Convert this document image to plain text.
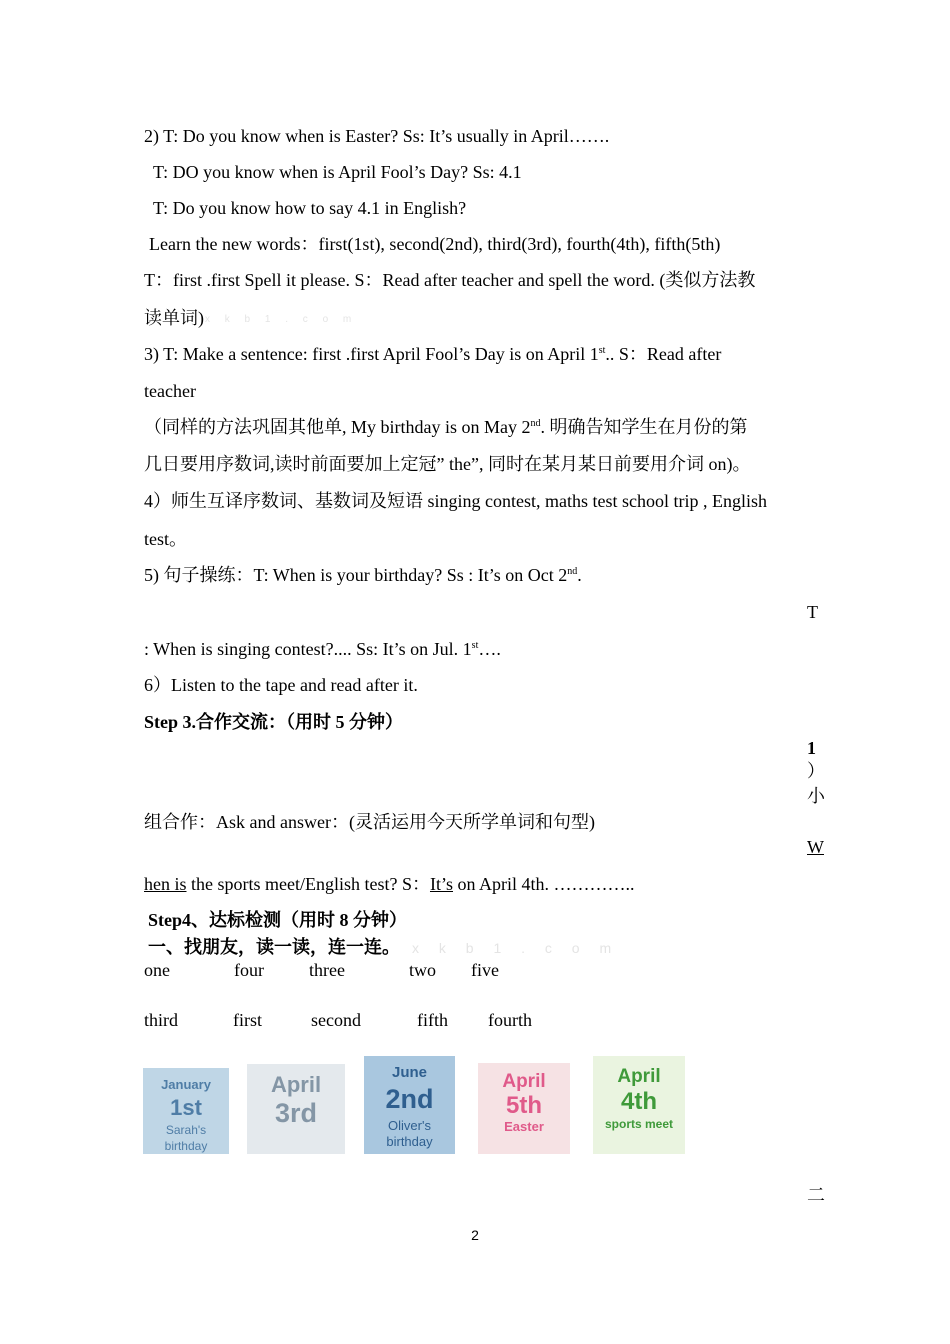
x k b 1 . c o m
x k b 1 . c o m
2) T: Do you know when is Easter? Ss: It’s usually in April…….
T: DO you know when is April Fool’s Day? Ss: 4.1
T: Do you know how to say 4.1 in English?
Learn the new words：first(1st), second(2nd), third(3rd), fourth(4th), fifth(5th)
T：first .first Spell it please. S：Read after teacher and spell the word. (类似方法教
读单词)
3) T: Make a sentence: first .first April Fool’s Day is on April 1st.. S：Read after
teacher
（同样的方法巩固其他单, My birthday is on May 2nd. 明确告知学生在月份的第
几日要用序数词,读时前面要加上定冠” the”, 同时在某月某日前要用介词 on)。
4）师生互译序数词、基数词及短语 singing contest, maths test school trip , English
test。
5) 句子操练：T: When is your birthday? Ss : It’s on Oct 2nd.
T
: When is singing contest?.... Ss: It’s on Jul. 1st….
6）Listen to the tape and read after it.
Step 3.合作交流：（用时 5 分钟）
1
）
小
组合作：Ask and answer：(灵活运用今天所学单词和句型)
W
hen is the sports meet/English test? S：It’s on April 4th. …………..
Step4、达标检测（用时 8 分钟）
一、找朋友，读一读，连一连。
one	four	three	two five
third	first	second	fifth fourth
January
1st
Sarah's birthday
April
3rd
June
2nd
Oliver's birthday
April
5th
Easter
April
4th
sports meet
二
2
